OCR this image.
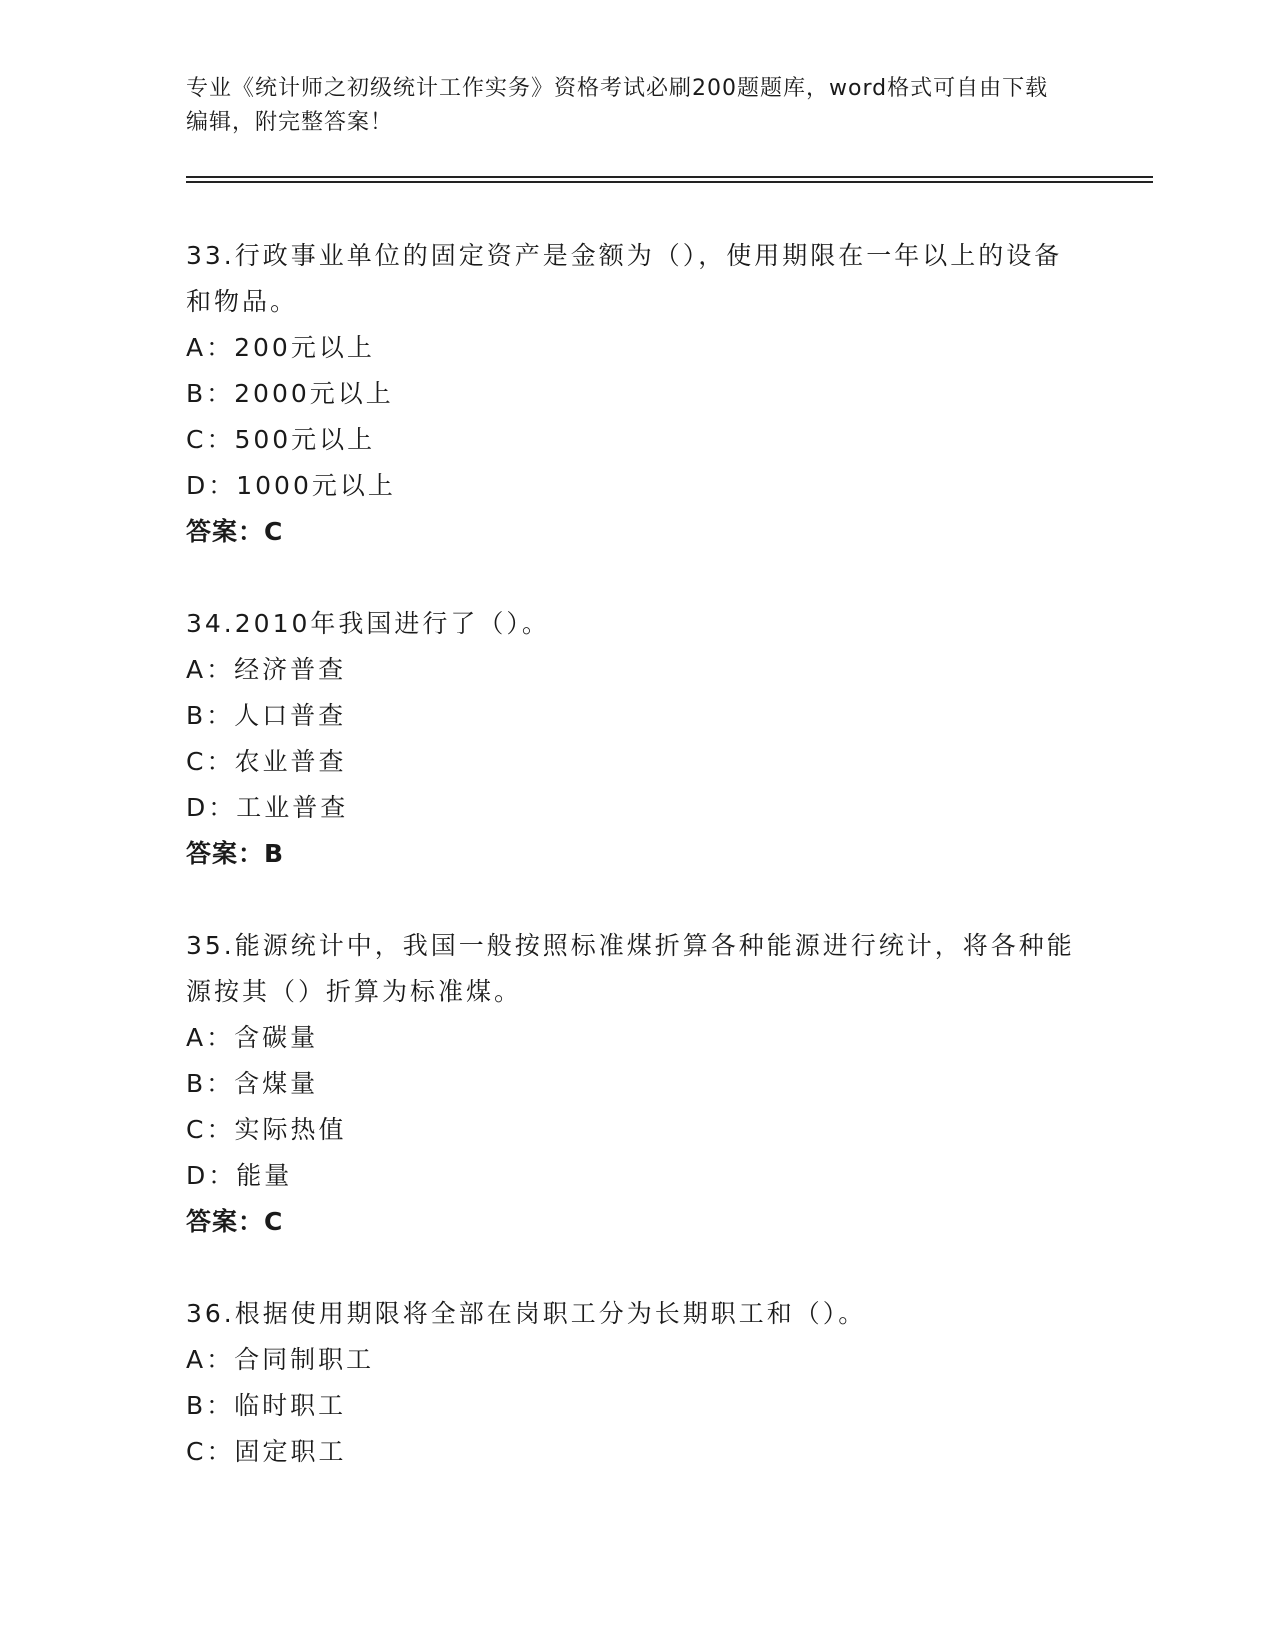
专业《统计师之初级统计工作实务》资格考试必刷200题题库，word格式可自由下载编辑，附完整答案！

33.行政事业单位的固定资产是金额为（），使用期限在一年以上的设备和物品。

A：200元以上

B：2000元以上

C：500元以上

D：1000元以上

答案：C

34.2010年我国进行了（）。

A：经济普查

B：人口普查

C：农业普查

D：工业普查

答案：B

35.能源统计中，我国一般按照标准煤折算各种能源进行统计，将各种能源按其（）折算为标准煤。

A：含碳量

B：含煤量

C：实际热值

D：能量

答案：C

36.根据使用期限将全部在岗职工分为长期职工和（）。

A：合同制职工

B：临时职工

C：固定职工
